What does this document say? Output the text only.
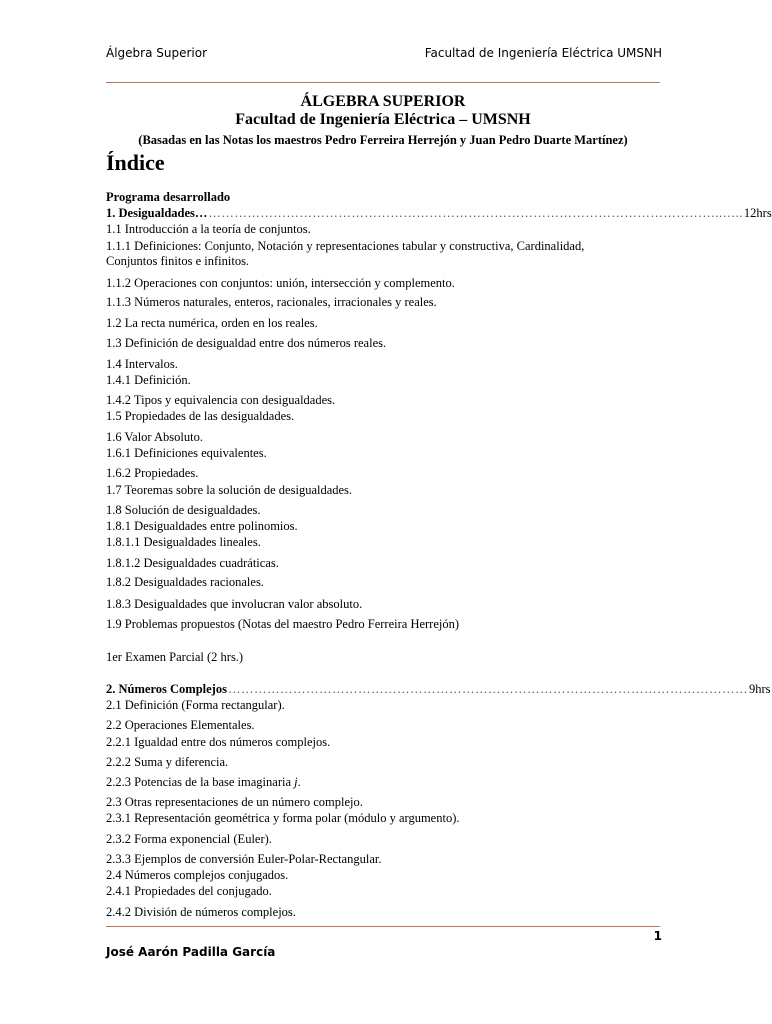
Álgebra Superior	Facultad de Ingeniería Eléctrica UMSNH
ÁLGEBRA SUPERIOR
Facultad de Ingeniería Eléctrica – UMSNH
(Basadas en las Notas los maestros Pedro Ferreira Herrejón y Juan Pedro Duarte Martínez)
Índice
Programa desarrollado
1. Desigualdades… ………………………………………………………………………………………………………..….. 12hrs
1.1 Introducción a la teoría de conjuntos.
1.1.1 Definiciones: Conjunto, Notación y representaciones tabular y constructiva, Cardinalidad,
Conjuntos finitos e infinitos.
1.1.2 Operaciones con conjuntos: unión, intersección y complemento.
1.1.3 Números naturales, enteros, racionales, irracionales y reales.
1.2 La recta numérica, orden en los reales.
1.3 Definición de desigualdad entre dos números reales.
1.4 Intervalos.
1.4.1 Definición.
1.4.2 Tipos y equivalencia con desigualdades.
1.5 Propiedades de las desigualdades.
1.6 Valor Absoluto.
1.6.1 Definiciones equivalentes.
1.6.2 Propiedades.
1.7 Teoremas sobre la solución de desigualdades.
1.8 Solución de desigualdades.
1.8.1 Desigualdades entre polinomios.
1.8.1.1 Desigualdades lineales.
1.8.1.2 Desigualdades cuadráticas.
1.8.2 Desigualdades racionales.
1.8.3 Desigualdades que involucran valor absoluto.
1.9 Problemas propuestos (Notas del maestro Pedro Ferreira Herrejón)
1er Examen Parcial (2 hrs.)
2. Números Complejos ………………………………………………………………………………………………………… 9hrs
2.1 Definición (Forma rectangular).
2.2 Operaciones Elementales.
2.2.1 Igualdad entre dos números complejos.
2.2.2 Suma y diferencia.
2.2.3 Potencias de la base imaginaria j.
2.3 Otras representaciones de un número complejo.
2.3.1 Representación geométrica y forma polar (módulo y argumento).
2.3.2 Forma exponencial (Euler).
2.3.3 Ejemplos de conversión Euler-Polar-Rectangular.
2.4 Números complejos conjugados.
2.4.1 Propiedades del conjugado.
2.4.2 División de números complejos.
1
José Aarón Padilla García
